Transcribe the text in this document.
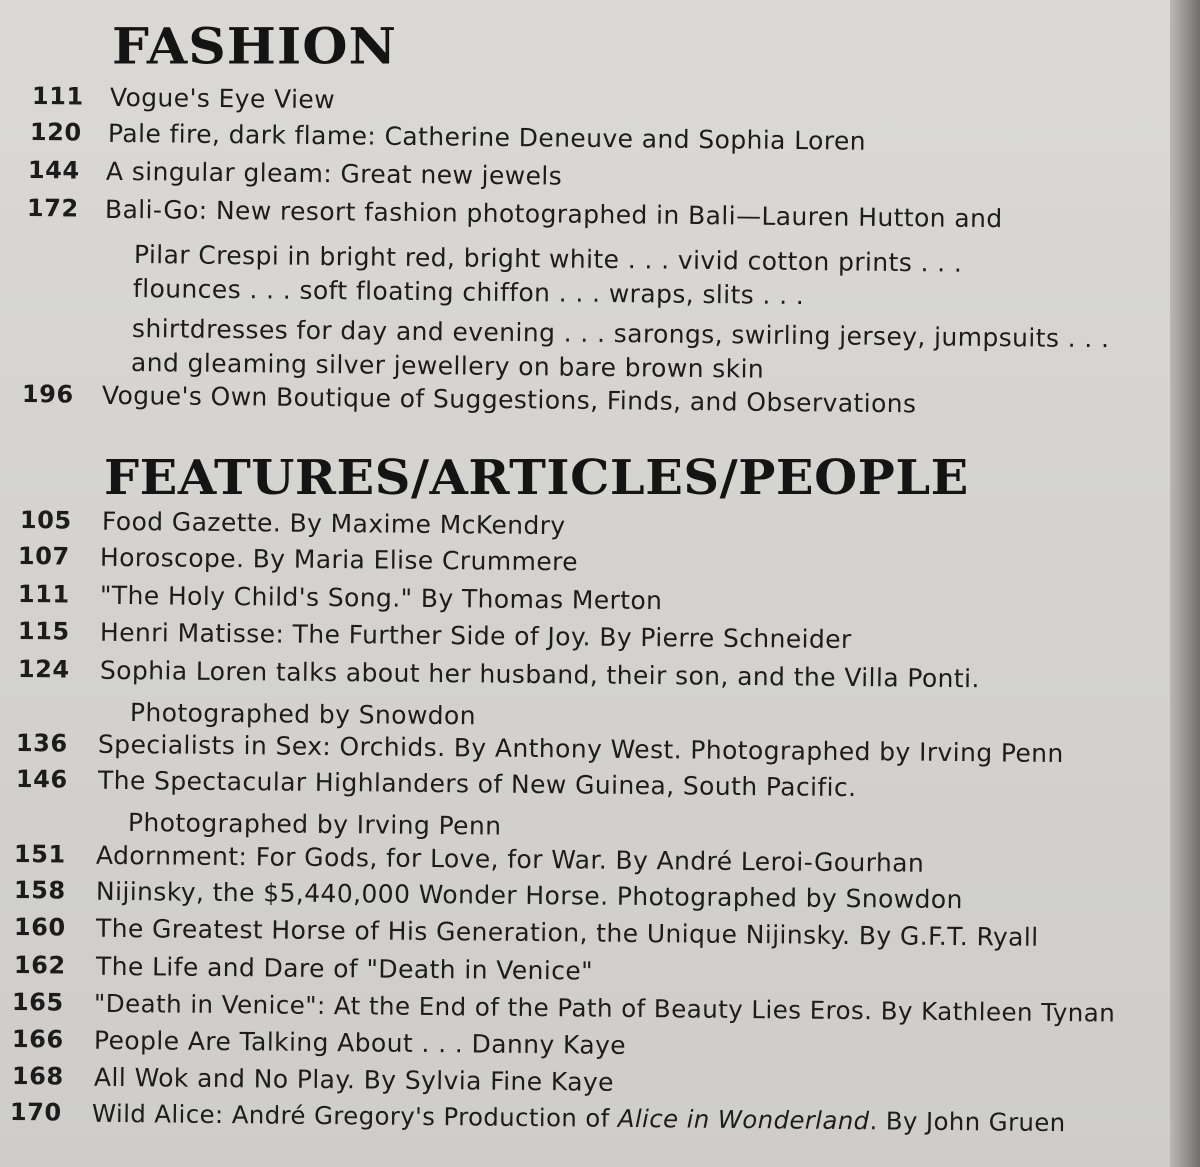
FASHION
111 Vogue's Eye View
120 Pale fire, dark flame: Catherine Deneuve and Sophia Loren
144 A singular gleam: Great new jewels
172 Bali-Go: New resort fashion photographed in Bali—Lauren Hutton and

Pilar Crespi in bright red, bright white . . . vivid cotton prints . . .

flounces . . . soft floating chiffon . . . wraps, slits . . .

shirtdresses for day and evening . . . sarongs, swirling jersey, jumpsuits . . .

and gleaming silver jewellery on bare brown skin

196 Vogue's Own Boutique of Suggestions, Finds, and Observations
FEATURES/ARTICLES/PEOPLE
105 Food Gazette. By Maxime McKendry
107 Horoscope. By Maria Elise Crummere
111 "The Holy Child's Song." By Thomas Merton
115 Henri Matisse: The Further Side of Joy. By Pierre Schneider
124 Sophia Loren talks about her husband, their son, and the Villa Ponti.

Photographed by Snowdon

136 Specialists in Sex: Orchids. By Anthony West. Photographed by Irving Penn
146 The Spectacular Highlanders of New Guinea, South Pacific.

Photographed by Irving Penn

151 Adornment: For Gods, for Love, for War. By André Leroi-Gourhan
158 Nijinsky, the $5,440,000 Wonder Horse. Photographed by Snowdon
160 The Greatest Horse of His Generation, the Unique Nijinsky. By G.F.T. Ryall
162 The Life and Dare of "Death in Venice"
165 "Death in Venice": At the End of the Path of Beauty Lies Eros. By Kathleen Tynan
166 People Are Talking About . . . Danny Kaye
168 All Wok and No Play. By Sylvia Fine Kaye
170 Wild Alice: André Gregory's Production of Alice in Wonderland. By John Gruen
